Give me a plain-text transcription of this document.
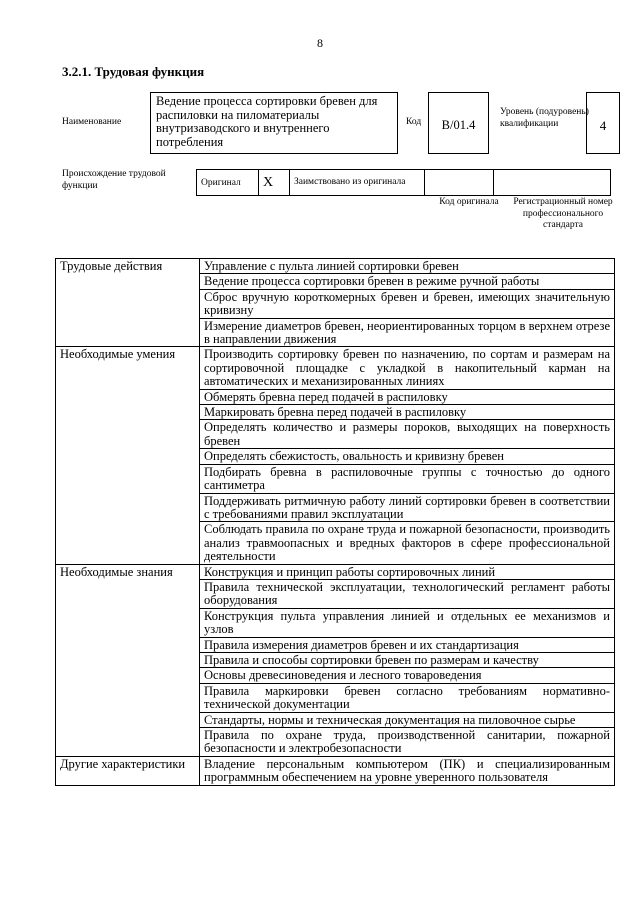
8
3.2.1. Трудовая функция
Наименование
Ведение процесса сортировки бревен для распиловки на пиломатериалы внутризаводского и внутреннего потребления
Код	B/01.4
Уровень (подуровень) квалификации	4
Происхождение трудовой функции	Оригинал	X	Заимствовано из оригинала		
Код оригинала	Регистрационный номер профессионального стандарта
Трудовые действия	Управление с пульта линией сортировки бревен
	Ведение процесса сортировки бревен в режиме ручной работы
	Сброс вручную короткомерных бревен и бревен, имеющих значительную кривизну
	Измерение диаметров бревен, неориентированных торцом в верхнем отрезе в направлении движения
Необходимые умения	Производить сортировку бревен по назначению, по сортам и размерам на сортировочной площадке с укладкой в накопительный карман на автоматических и механизированных линиях
	Обмерять бревна перед подачей в распиловку
	Маркировать бревна перед подачей в распиловку
	Определять количество и размеры пороков, выходящих на поверхность бревен
	Определять сбежистость, овальность и кривизну бревен
	Подбирать бревна в распиловочные группы с точностью до одного сантиметра
	Поддерживать ритмичную работу линий сортировки бревен в соответствии с требованиями правил эксплуатации
	Соблюдать правила по охране труда и пожарной безопасности, производить анализ травмоопасных и вредных факторов в сфере профессиональной деятельности
Необходимые знания	Конструкция и принцип работы сортировочных линий
	Правила технической эксплуатации, технологический регламент работы оборудования
	Конструкция пульта управления линией и отдельных ее механизмов и узлов
	Правила измерения диаметров бревен и их стандартизация
	Правила и способы сортировки бревен по размерам и качеству
	Основы древесиноведения и лесного товароведения
	Правила маркировки бревен согласно требованиям нормативно-технической документации
	Стандарты, нормы и техническая документация на пиловочное сырье
	Правила по охране труда, производственной санитарии, пожарной безопасности и электробезопасности
Другие характеристики	Владение персональным компьютером (ПК) и специализированным программным обеспечением на уровне уверенного пользователя
